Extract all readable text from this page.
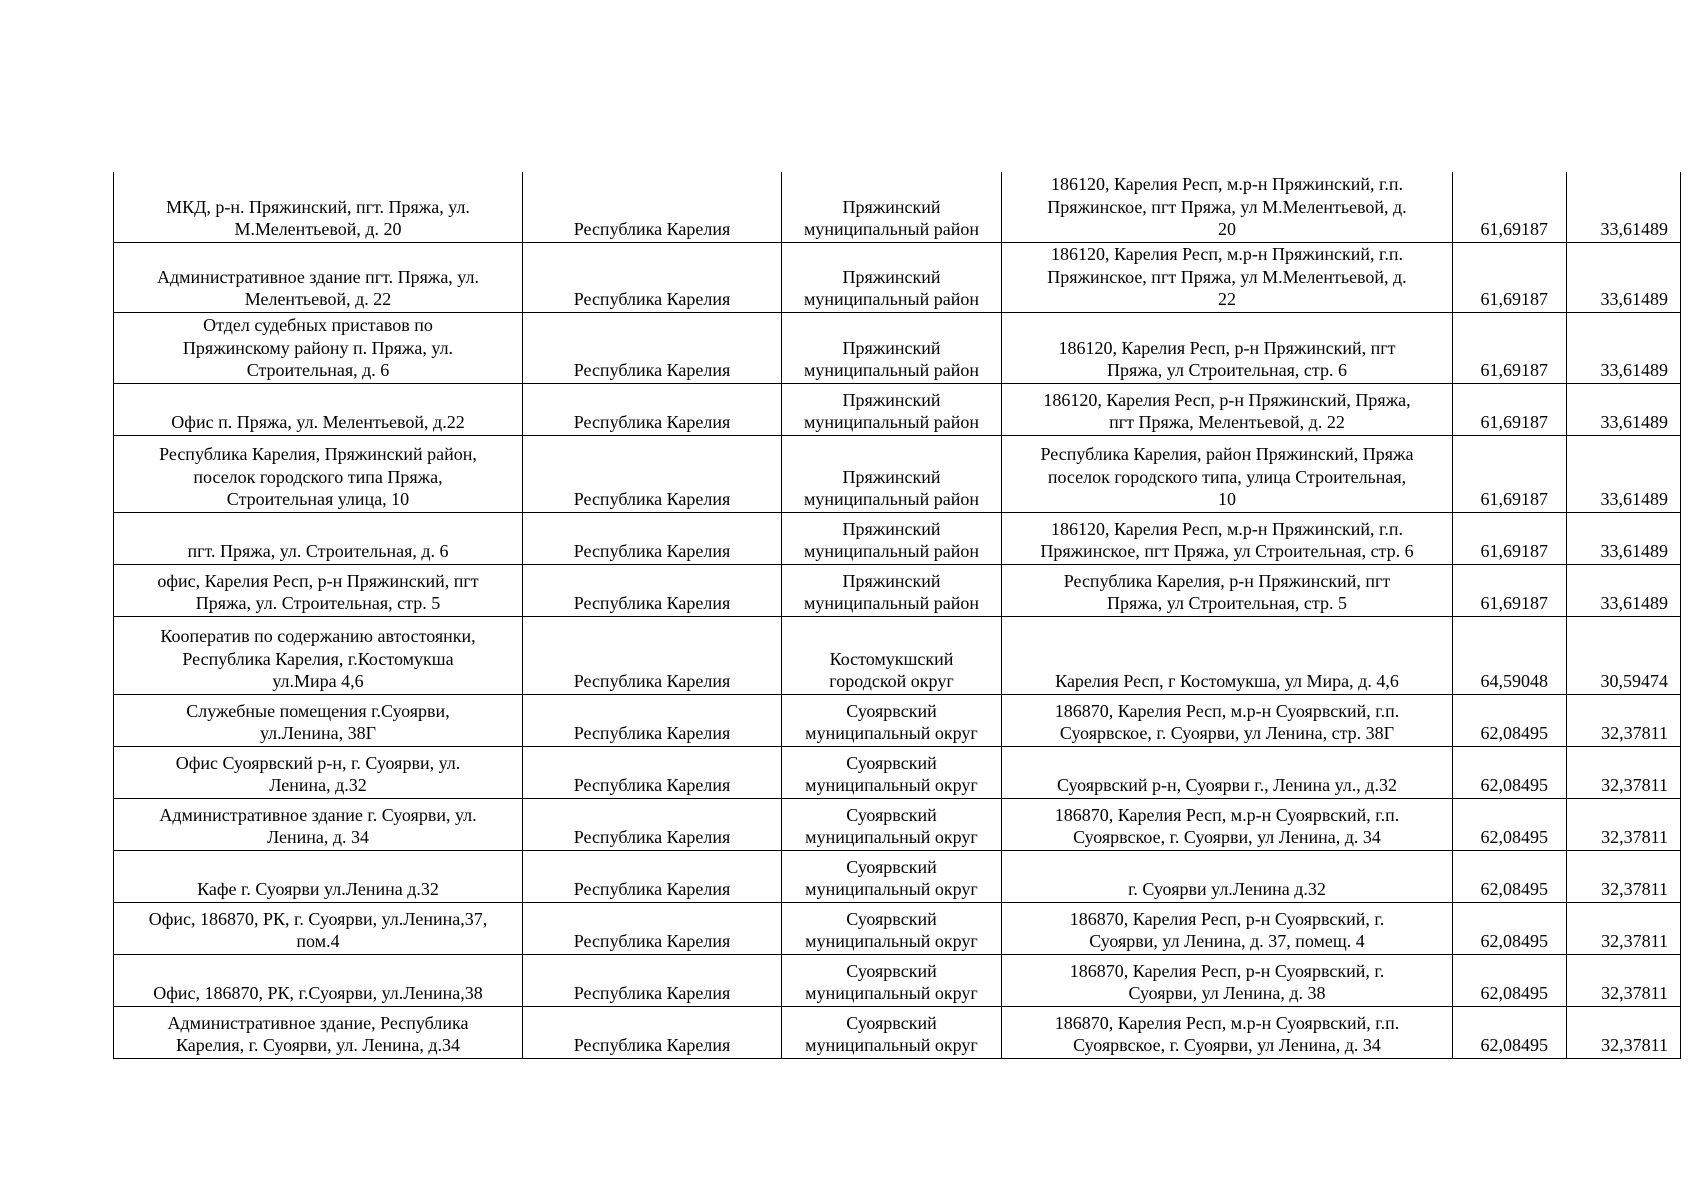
МКД, р-н. Пряжинский, пгт. Пряжа, ул.
М.Мелентьевой, д. 20	Республика Карелия	Пряжинский
муниципальный район	186120, Карелия Респ, м.р-н Пряжинский, г.п.
Пряжинское, пгт Пряжа, ул М.Мелентьевой, д.
20	61,69187	33,61489
Административное здание пгт. Пряжа, ул.
Мелентьевой, д. 22	Республика Карелия	Пряжинский
муниципальный район	186120, Карелия Респ, м.р-н Пряжинский, г.п.
Пряжинское, пгт Пряжа, ул М.Мелентьевой, д.
22	61,69187	33,61489
Отдел судебных приставов по
Пряжинскому району п. Пряжа, ул.
Строительная, д. 6	Республика Карелия	Пряжинский
муниципальный район	186120, Карелия Респ, р-н Пряжинский, пгт
Пряжа, ул Строительная, стр. 6	61,69187	33,61489
Офис п. Пряжа, ул. Мелентьевой, д.22	Республика Карелия	Пряжинский
муниципальный район	186120, Карелия Респ, р-н Пряжинский, Пряжа,
пгт Пряжа, Мелентьевой, д. 22	61,69187	33,61489
Республика Карелия, Пряжинский район,
поселок городского типа Пряжа,
Строительная улица, 10	Республика Карелия	Пряжинский
муниципальный район	Республика Карелия, район Пряжинский, Пряжа
поселок городского типа, улица Строительная,
10	61,69187	33,61489
пгт. Пряжа, ул. Строительная, д. 6	Республика Карелия	Пряжинский
муниципальный район	186120, Карелия Респ, м.р-н Пряжинский, г.п.
Пряжинское, пгт Пряжа, ул Строительная, стр. 6	61,69187	33,61489
офис, Карелия Респ, р-н Пряжинский, пгт
Пряжа, ул. Строительная, стр. 5	Республика Карелия	Пряжинский
муниципальный район	Республика Карелия, р-н Пряжинский, пгт
Пряжа, ул Строительная, стр. 5	61,69187	33,61489
Кооператив по содержанию автостоянки,
Республика Карелия, г.Костомукша
ул.Мира 4,6	Республика Карелия	Костомукшский
городской округ	Карелия Респ, г Костомукша, ул Мира, д. 4,6	64,59048	30,59474
Служебные помещения г.Суоярви,
ул.Ленина, 38Г	Республика Карелия	Суоярвский
муниципальный округ	186870, Карелия Респ, м.р-н Суоярвский, г.п.
Суоярвское, г. Суоярви, ул Ленина, стр. 38Г	62,08495	32,37811
Офис Суоярвский р-н, г. Суоярви, ул.
Ленина, д.32	Республика Карелия	Суоярвский
муниципальный округ	Суоярвский р-н, Суоярви г., Ленина ул., д.32	62,08495	32,37811
Административное здание г. Суоярви, ул.
Ленина, д. 34	Республика Карелия	Суоярвский
муниципальный округ	186870, Карелия Респ, м.р-н Суоярвский, г.п.
Суоярвское, г. Суоярви, ул Ленина, д. 34	62,08495	32,37811
Кафе г. Суоярви ул.Ленина д.32	Республика Карелия	Суоярвский
муниципальный округ	г. Суоярви ул.Ленина д.32	62,08495	32,37811
Офис, 186870, РК, г. Суоярви, ул.Ленина,37,
пом.4	Республика Карелия	Суоярвский
муниципальный округ	186870, Карелия Респ, р-н Суоярвский, г.
Суоярви, ул Ленина, д. 37, помещ. 4	62,08495	32,37811
Офис, 186870, РК, г.Суоярви, ул.Ленина,38	Республика Карелия	Суоярвский
муниципальный округ	186870, Карелия Респ, р-н Суоярвский, г.
Суоярви, ул Ленина, д. 38	62,08495	32,37811
Административное здание, Республика
Карелия, г. Суоярви, ул. Ленина, д.34	Республика Карелия	Суоярвский
муниципальный округ	186870, Карелия Респ, м.р-н Суоярвский, г.п.
Суоярвское, г. Суоярви, ул Ленина, д. 34	62,08495	32,37811
